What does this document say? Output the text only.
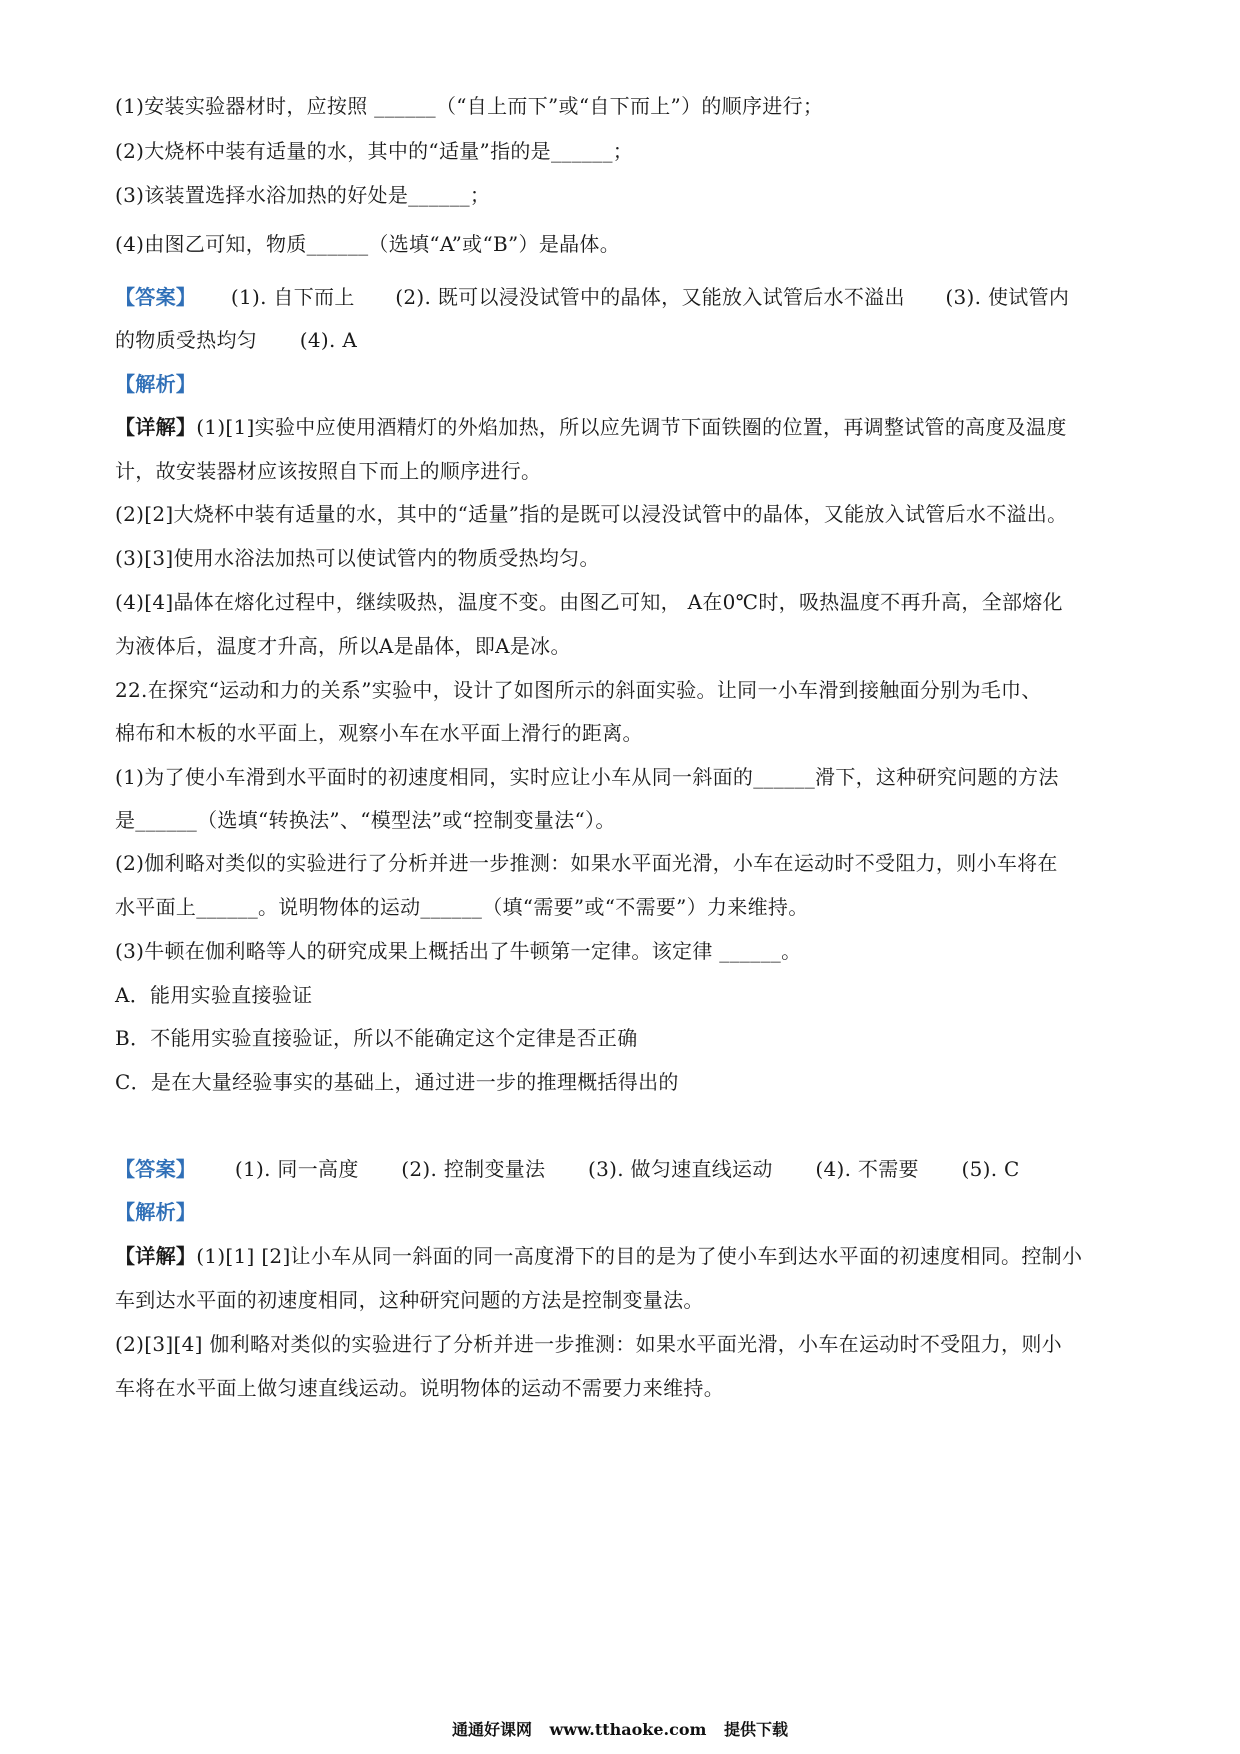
(1)安装实验器材时，应按照 ______（“自上而下”或“自下而上”）的顺序进行；
(2)大烧杯中装有适量的水，其中的“适量”指的是______；
(3)该装置选择水浴加热的好处是______；
(4)由图乙可知，物质______（选填“A”或“B”）是晶体。
【答案】 (1). 自下而上 (2). 既可以浸没试管中的晶体，又能放入试管后水不溢出 (3). 使试管内
的物质受热均匀 (4). A
【解析】
【详解】(1)[1]实验中应使用酒精灯的外焰加热，所以应先调节下面铁圈的位置，再调整试管的高度及温度
计，故安装器材应该按照自下而上的顺序进行。
(2)[2]大烧杯中装有适量的水，其中的“适量”指的是既可以浸没试管中的晶体，又能放入试管后水不溢出。
(3)[3]使用水浴法加热可以使试管内的物质受热均匀。
(4)[4]晶体在熔化过程中，继续吸热，温度不变。由图乙可知， A在0℃时，吸热温度不再升高，全部熔化
为液体后，温度才升高，所以A是晶体，即A是冰。
22.在探究“运动和力的关系”实验中，设计了如图所示的斜面实验。让同一小车滑到接触面分别为毛巾、
棉布和木板的水平面上，观察小车在水平面上滑行的距离。
(1)为了使小车滑到水平面时的初速度相同，实时应让小车从同一斜面的______滑下，这种研究问题的方法
是______（选填“转换法”、“模型法”或“控制变量法“）。
(2)伽利略对类似的实验进行了分析并进一步推测：如果水平面光滑，小车在运动时不受阻力，则小车将在
水平面上______。说明物体的运动______（填“需要”或“不需要”）力来维持。
(3)牛顿在伽利略等人的研究成果上概括出了牛顿第一定律。该定律 ______。
A．能用实验直接验证
B．不能用实验直接验证，所以不能确定这个定律是否正确
C．是在大量经验事实的基础上，通过进一步的推理概括得出的
【答案】 (1). 同一高度 (2). 控制变量法 (3). 做匀速直线运动 (4). 不需要 (5). C
【解析】
【详解】(1)[1] [2]让小车从同一斜面的同一高度滑下的目的是为了使小车到达水平面的初速度相同。控制小
车到达水平面的初速度相同，这种研究问题的方法是控制变量法。
(2)[3][4] 伽利略对类似的实验进行了分析并进一步推测：如果水平面光滑，小车在运动时不受阻力，则小
车将在水平面上做匀速直线运动。说明物体的运动不需要力来维持。
通通好课网 www.tthaoke.com 提供下载
